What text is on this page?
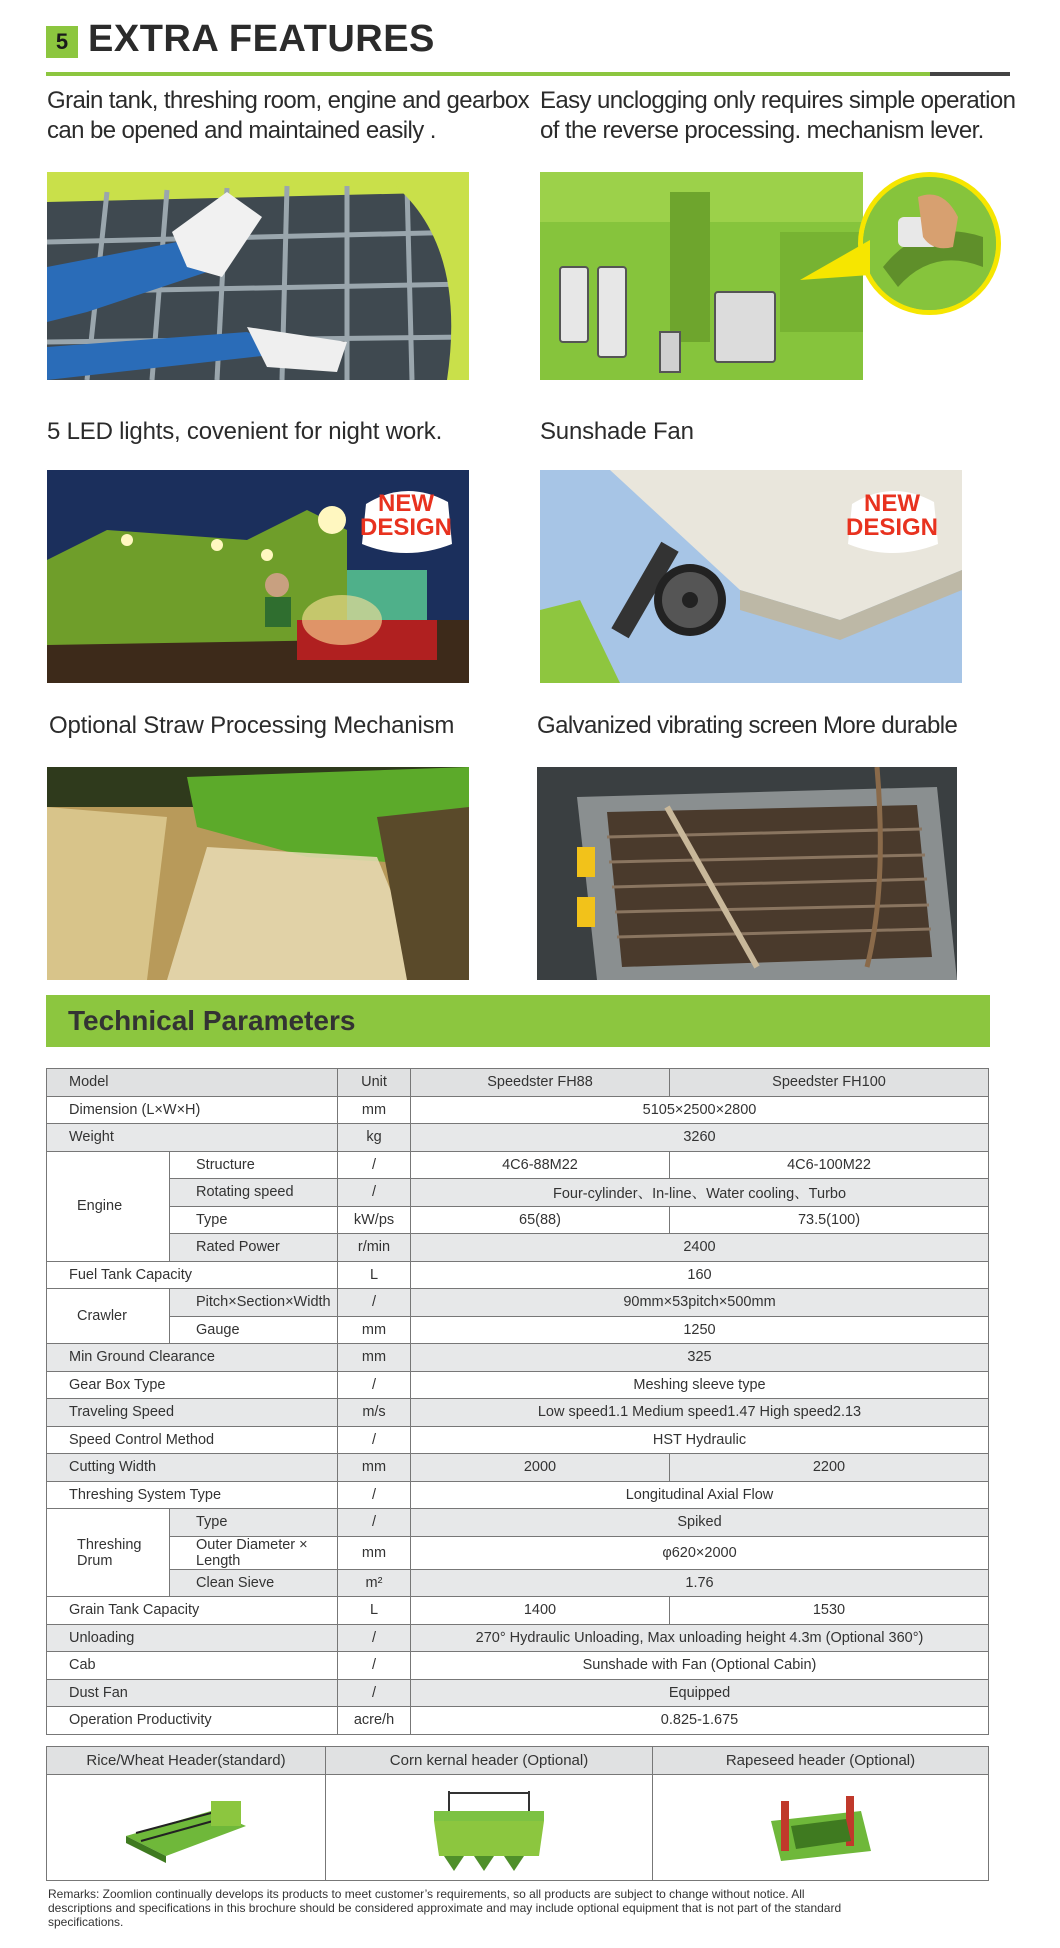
5 EXTRA FEATURES
Grain tank, threshing room, engine and gearbox
can be opened and maintained easily .
Easy unclogging only requires simple operation
of the reverse processing. mechanism lever.
5 LED lights, covenient for night work.	Sunshade Fan
Optional Straw Processing Mechanism	Galvanized vibrating screen More durable
NEW
DESIGN
NEW
DESIGN
Technical Parameters
Model		Unit	Speedster FH88	Speedster FH100
Dimension (L×W×H)		mm	5105×2500×2800	
Weight		kg	3260	
Engine	Structure	/	4C6-88M22	4C6-100M22
	Rotating speed	/	Four-cylinder、In-line、Water cooling、Turbo	
	Type	kW/ps	65(88)	73.5(100)
	Rated Power	r/min	2400	
Fuel Tank Capacity		L	160	
Crawler	Pitch×Section×Width	/	90mm×53pitch×500mm	
	Gauge	mm	1250	
Min Ground Clearance		mm	325	
Gear Box Type		/	Meshing sleeve type	
Traveling Speed		m/s	Low speed1.1 Medium speed1.47 High speed2.13	
Speed Control Method		/	HST Hydraulic	
Cutting Width		mm	2000	2200
Threshing System Type		/	Longitudinal Axial Flow	

Threshing
Drum	Type	/	Spiked	
	Outer Diameter × Length	mm	φ620×2000	
	Clean Sieve	m²	1.76	
Grain Tank Capacity		L	1400	1530
Unloading		/	270° Hydraulic Unloading, Max unloading height 4.3m (Optional 360°)	
Cab		/	Sunshade with Fan (Optional Cabin)	
Dust Fan		/	Equipped	
Operation Productivity		acre/h	0.825-1.675	
Rice/Wheat Header(standard)	Corn kernal header (Optional)	Rapeseed header (Optional)

Remarks: Zoomlion continually develops its products to meet customer’s requirements, so all products are subject to change without notice. All
descriptions and specifications in this brochure should be considered approximate and may include optional equipment that is not part of the standard
specifications.
